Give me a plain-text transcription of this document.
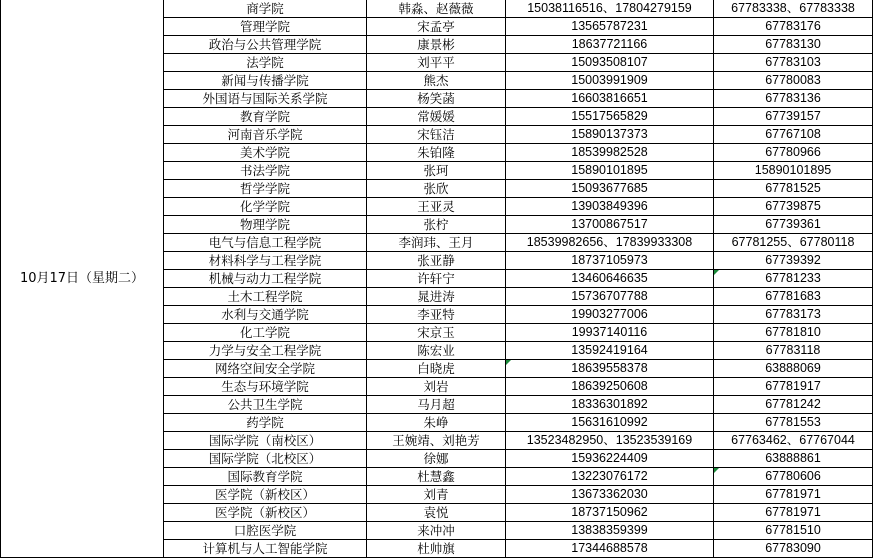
10月17日（星期二）	商学院	韩淼、赵薇薇	15038116516、17804279159	67783338、67783338
	管理学院	宋孟亭	13565787231	67783176
	政治与公共管理学院	康景彬	18637721166	67783130
	法学院	刘平平	15093508107	67783103
	新闻与传播学院	熊杰	15003991909	67780083
	外国语与国际关系学院	杨笑菡	16603816651	67783136
	教育学院	常媛媛	15517565829	67739157
	河南音乐学院	宋钰洁	15890137373	67767108
	美术学院	朱铂隆	18539982528	67780966
	书法学院	张珂	15890101895	15890101895
	哲学学院	张欣	15093677685	67781525
	化学学院	王亚灵	13903849396	67739875
	物理学院	张柠	13700867517	67739361
	电气与信息工程学院	李润玮、王月	18539982656、17839933308	67781255、67780118
	材料科学与工程学院	张亚静	18737105973	67739392
	机械与动力工程学院	许轩宁	13460646635	67781233
	土木工程学院	晁进涛	15736707788	67781683
	水利与交通学院	李亚特	19903277006	67783173
	化工学院	宋京玉	19937140116	67781810
	力学与安全工程学院	陈宏业	13592419164	67783118
	网络空间安全学院	白晓虎	18639558378	63888069
	生态与环境学院	刘岩	18639250608	67781917
	公共卫生学院	马月超	18336301892	67781242
	药学院	朱峥	15631610992	67781553
	国际学院（南校区）	王婉靖、刘艳芳	13523482950、13523539169	67763462、67767044
	国际学院（北校区）	徐娜	15936224409	63888861
	国际教育学院	杜慧鑫	13223076172	67780606
	医学院（新校区）	刘青	13673362030	67781971
	医学院（新校区）	袁悦	18737150962	67781971
	口腔医学院	来冲冲	13838359399	67781510
	计算机与人工智能学院	杜帅旗	17344688578	67783090
